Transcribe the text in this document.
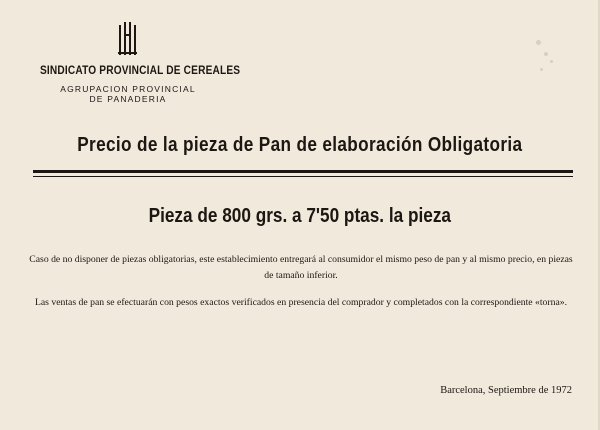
SINDICATO PROVINCIAL DE CEREALES
AGRUPACION PROVINCIAL
DE PANADERIA
Precio de la pieza de Pan de elaboración Obligatoria
Pieza de 800 grs. a 7'50 ptas. la pieza
Caso de no disponer de piezas obligatorias, este establecimiento entregará al consumidor el mismo peso de pan y al mismo precio, en piezas de tamaño inferior.
Las ventas de pan se efectuarán con pesos exactos verificados en presencia del comprador y completados con la correspondiente «torna».
Barcelona, Septiembre de 1972
